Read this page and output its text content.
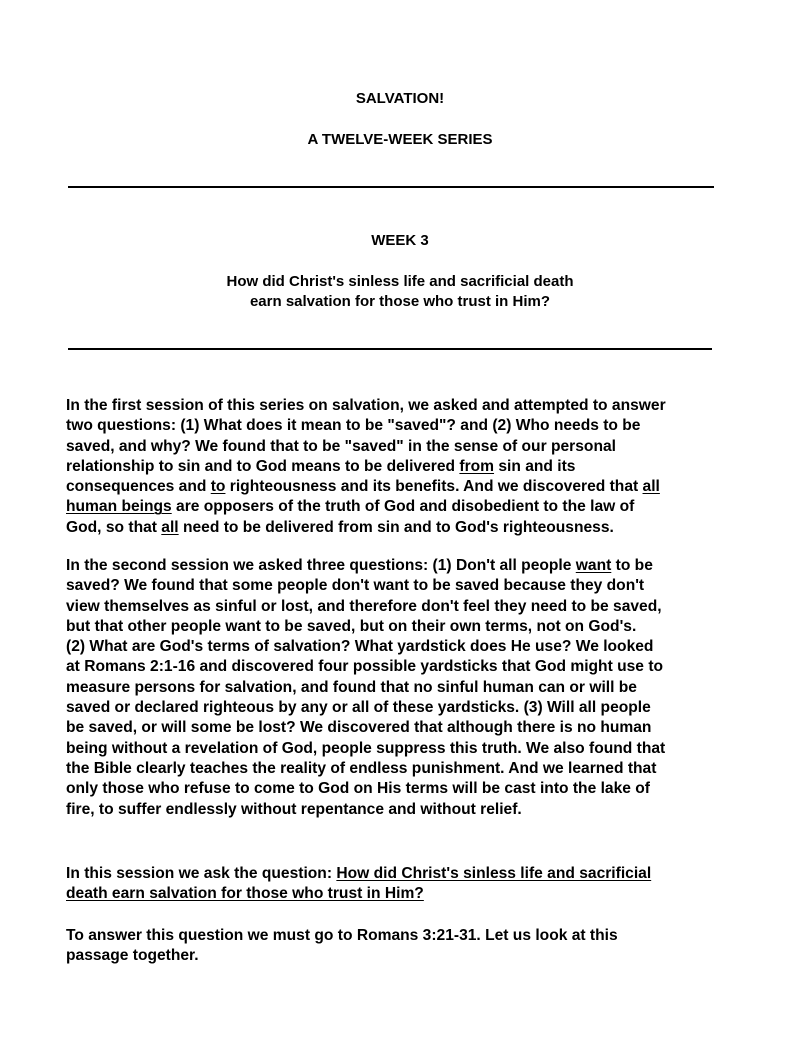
SALVATION!

A TWELVE-WEEK SERIES

WEEK 3

How did Christ's sinless life and sacrificial death

earn salvation for those who trust in Him?

In the first session of this series on salvation, we asked and attempted to answer
two questions: (1) What does it mean to be "saved"? and (2) Who needs to be
saved, and why? We found that to be "saved" in the sense of our personal
relationship to sin and to God means to be delivered from sin and its
consequences and to righteousness and its benefits. And we discovered that all
human beings are opposers of the truth of God and disobedient to the law of
God, so that all need to be delivered from sin and to God's righteousness.
In the second session we asked three questions: (1) Don't all people want to be
saved? We found that some people don't want to be saved because they don't
view themselves as sinful or lost, and therefore don't feel they need to be saved,
but that other people want to be saved, but on their own terms, not on God's.
(2) What are God's terms of salvation? What yardstick does He use? We looked
at Romans 2:1-16 and discovered four possible yardsticks that God might use to
measure persons for salvation, and found that no sinful human can or will be
saved or declared righteous by any or all of these yardsticks. (3) Will all people
be saved, or will some be lost? We discovered that although there is no human
being without a revelation of God, people suppress this truth. We also found that
the Bible clearly teaches the reality of endless punishment. And we learned that
only those who refuse to come to God on His terms will be cast into the lake of
fire, to suffer endlessly without repentance and without relief.
In this session we ask the question: How did Christ's sinless life and sacrificial
death earn salvation for those who trust in Him?
To answer this question we must go to Romans 3:21-31. Let us look at this
passage together.
